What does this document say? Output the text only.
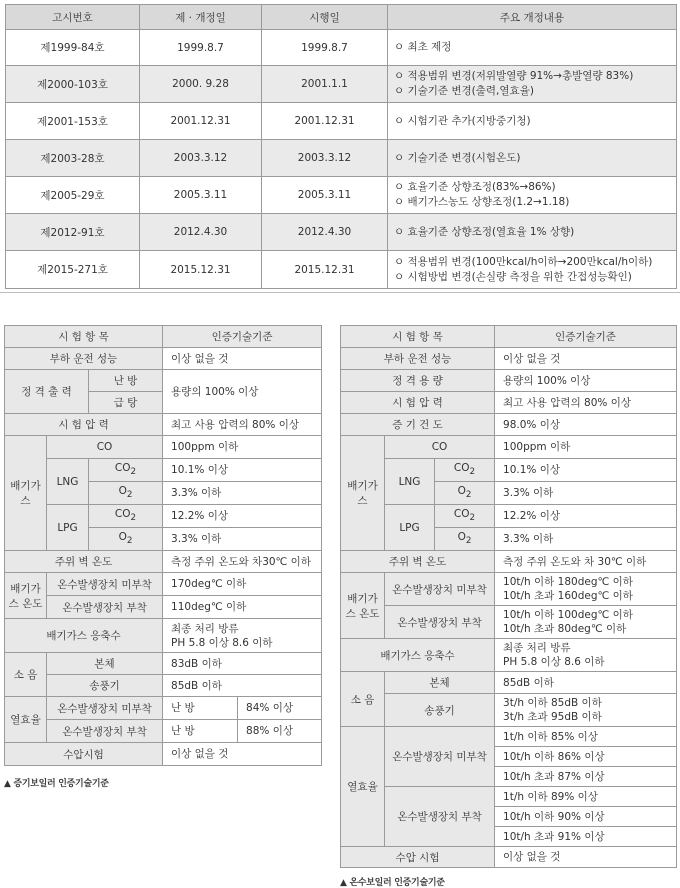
고시번호	제 · 개정일	시행일	주요 개정내용
제1999-84호	1999.8.7	1999.8.7	ㅇ 최초 제정

제2000-103호	2000. 9.28	2001.1.1	ㅇ 적용범위 변경(저위발열량 91%→총발열량 83%)
ㅇ 기술기준 변경(출력,열효율)

제2001-153호	2001.12.31	2001.12.31	ㅇ 시험기관 추가(지방중기청)

제2003-28호	2003.3.12	2003.3.12	ㅇ 기술기준 변경(시험온도)

제2005-29호	2005.3.11	2005.3.11	ㅇ 효율기준 상향조정(83%→86%)
ㅇ 배기가스농도 상향조정(1.2→1.18)

제2012-91호	2012.4.30	2012.4.30	ㅇ 효율기준 상향조정(열효율 1% 상향)

제2015-271호	2015.12.31	2015.12.31	ㅇ 적용범위 변경(100만kcal/h이하→200만kcal/h이하)
ㅇ 시험방법 변경(손실량 측정을 위한 간접성능확인)
시 험 항 목			인증기술기준	
부하 운전 성능			이상 없을 것	
정 격 출 력		난 방	용량의 100% 이상	
		급 탕		
시 험 압 력			최고 사용 압력의 80% 이상	
배기가스	CO		100ppm 이하	
	LNG	$CO_2$	10.1% 이상	
		$O_2$	3.3% 이하	
	LPG	$CO_2$	12.2% 이상	
		$O_2$	3.3% 이하	
주위 벽 온도			측정 주위 온도와 차30℃ 이하	
배기가스 온도	온수발생장치 미부착		170deg℃ 이하	
	온수발생장치 부착		110deg℃ 이하	
배기가스 응축수			최종 처리 방류
PH 5.8 이상 8.6 이하	

소 음	본체		83dB 이하	
	송풍기		85dB 이하	
열효율	온수발생장치 미부착		난 방	84% 이상
	온수발생장치 부착		난 방	88% 이상
수압시험			이상 없을 것	
▲ 증기보일러 인증기술기준
시 험 항 목			인증기술기준
부하 운전 성능			이상 없을 것
정 격 용 량			용량의 100% 이상
시 험 압 력			최고 사용 압력의 80% 이상
증 기 건 도			98.0% 이상
배기가스	CO		100ppm 이하
	LNG	$CO_2$	10.1% 이상
		$O_2$	3.3% 이하
	LPG	$CO_2$	12.2% 이상
		$O_2$	3.3% 이하
주위 벽 온도			측정 주위 온도와 차 30℃ 이하
배기가스 온도	온수발생장치 미부착		10t/h 이하 180deg℃ 이하
10t/h 초과 160deg℃ 이하

	온수발생장치 부착		10t/h 이하 100deg℃ 이하
10t/h 초과 80deg℃ 이하

배기가스 응축수			최종 처리 방류
PH 5.8 이상 8.6 이하

소 음	본체		85dB 이하
	송풍기		3t/h 이하 85dB 이하
3t/h 초과 95dB 이하

열효율	온수발생장치 미부착		1t/h 이하 85% 이상
			10t/h 이하 86% 이상
			10t/h 초과 87% 이상
	온수발생장치 부착		1t/h 이하 89% 이상
			10t/h 이하 90% 이상
			10t/h 초과 91% 이상
수압 시험			이상 없을 것
▲ 온수보일러 인증기술기준
